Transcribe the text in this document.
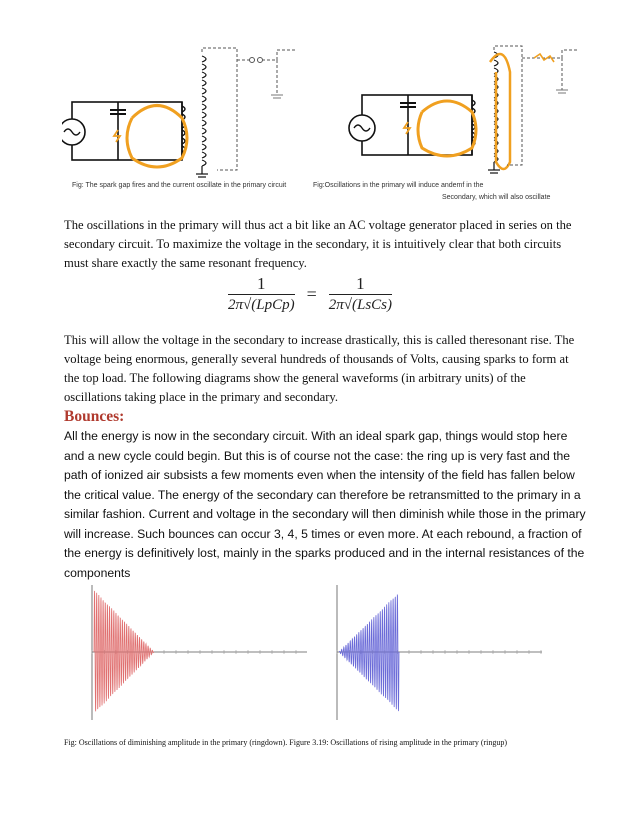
Fig: The spark gap fires and the current oscillate in the primary circuit	Fig:Oscillations in the primary will induce andemf in the
Secondary, which will also oscillate
The oscillations in the primary will thus act a bit like an AC voltage generator placed in series on the secondary circuit. To maximize the voltage in the secondary, it is intuitively clear that both circuits must share exactly the same resonant frequency.
$\frac{1}{\text{2π√(LpCp)}} = \frac{1}{\text{2π√(LsCs)}}$
This will allow the voltage in the secondary to increase drastically, this is called theresonant rise. The voltage being enormous, generally several hundreds of thousands of Volts, causing sparks to form at the top load. The following diagrams show the general waveforms (in arbitrary units) of the oscillations taking place in the primary and secondary.
Bounces:
All the energy is now in the secondary circuit. With an ideal spark gap, things would stop here and a new cycle could begin. But this is of course not the case: the ring up is very fast and the path of ionized air subsists a few moments even when the intensity of the field has fallen below the critical value. The energy of the secondary can therefore be retransmitted to the primary in a similar fashion. Current and voltage in the secondary will then diminish while those in the primary will increase. Such bounces can occur 3, 4, 5 times or even more. At each rebound, a fraction of the energy is definitively lost, mainly in the sparks produced and in the internal resistances of the components
Fig: Oscillations of diminishing amplitude in the primary (ringdown). Figure 3.19: Oscillations of rising amplitude in the primary (ringup)
